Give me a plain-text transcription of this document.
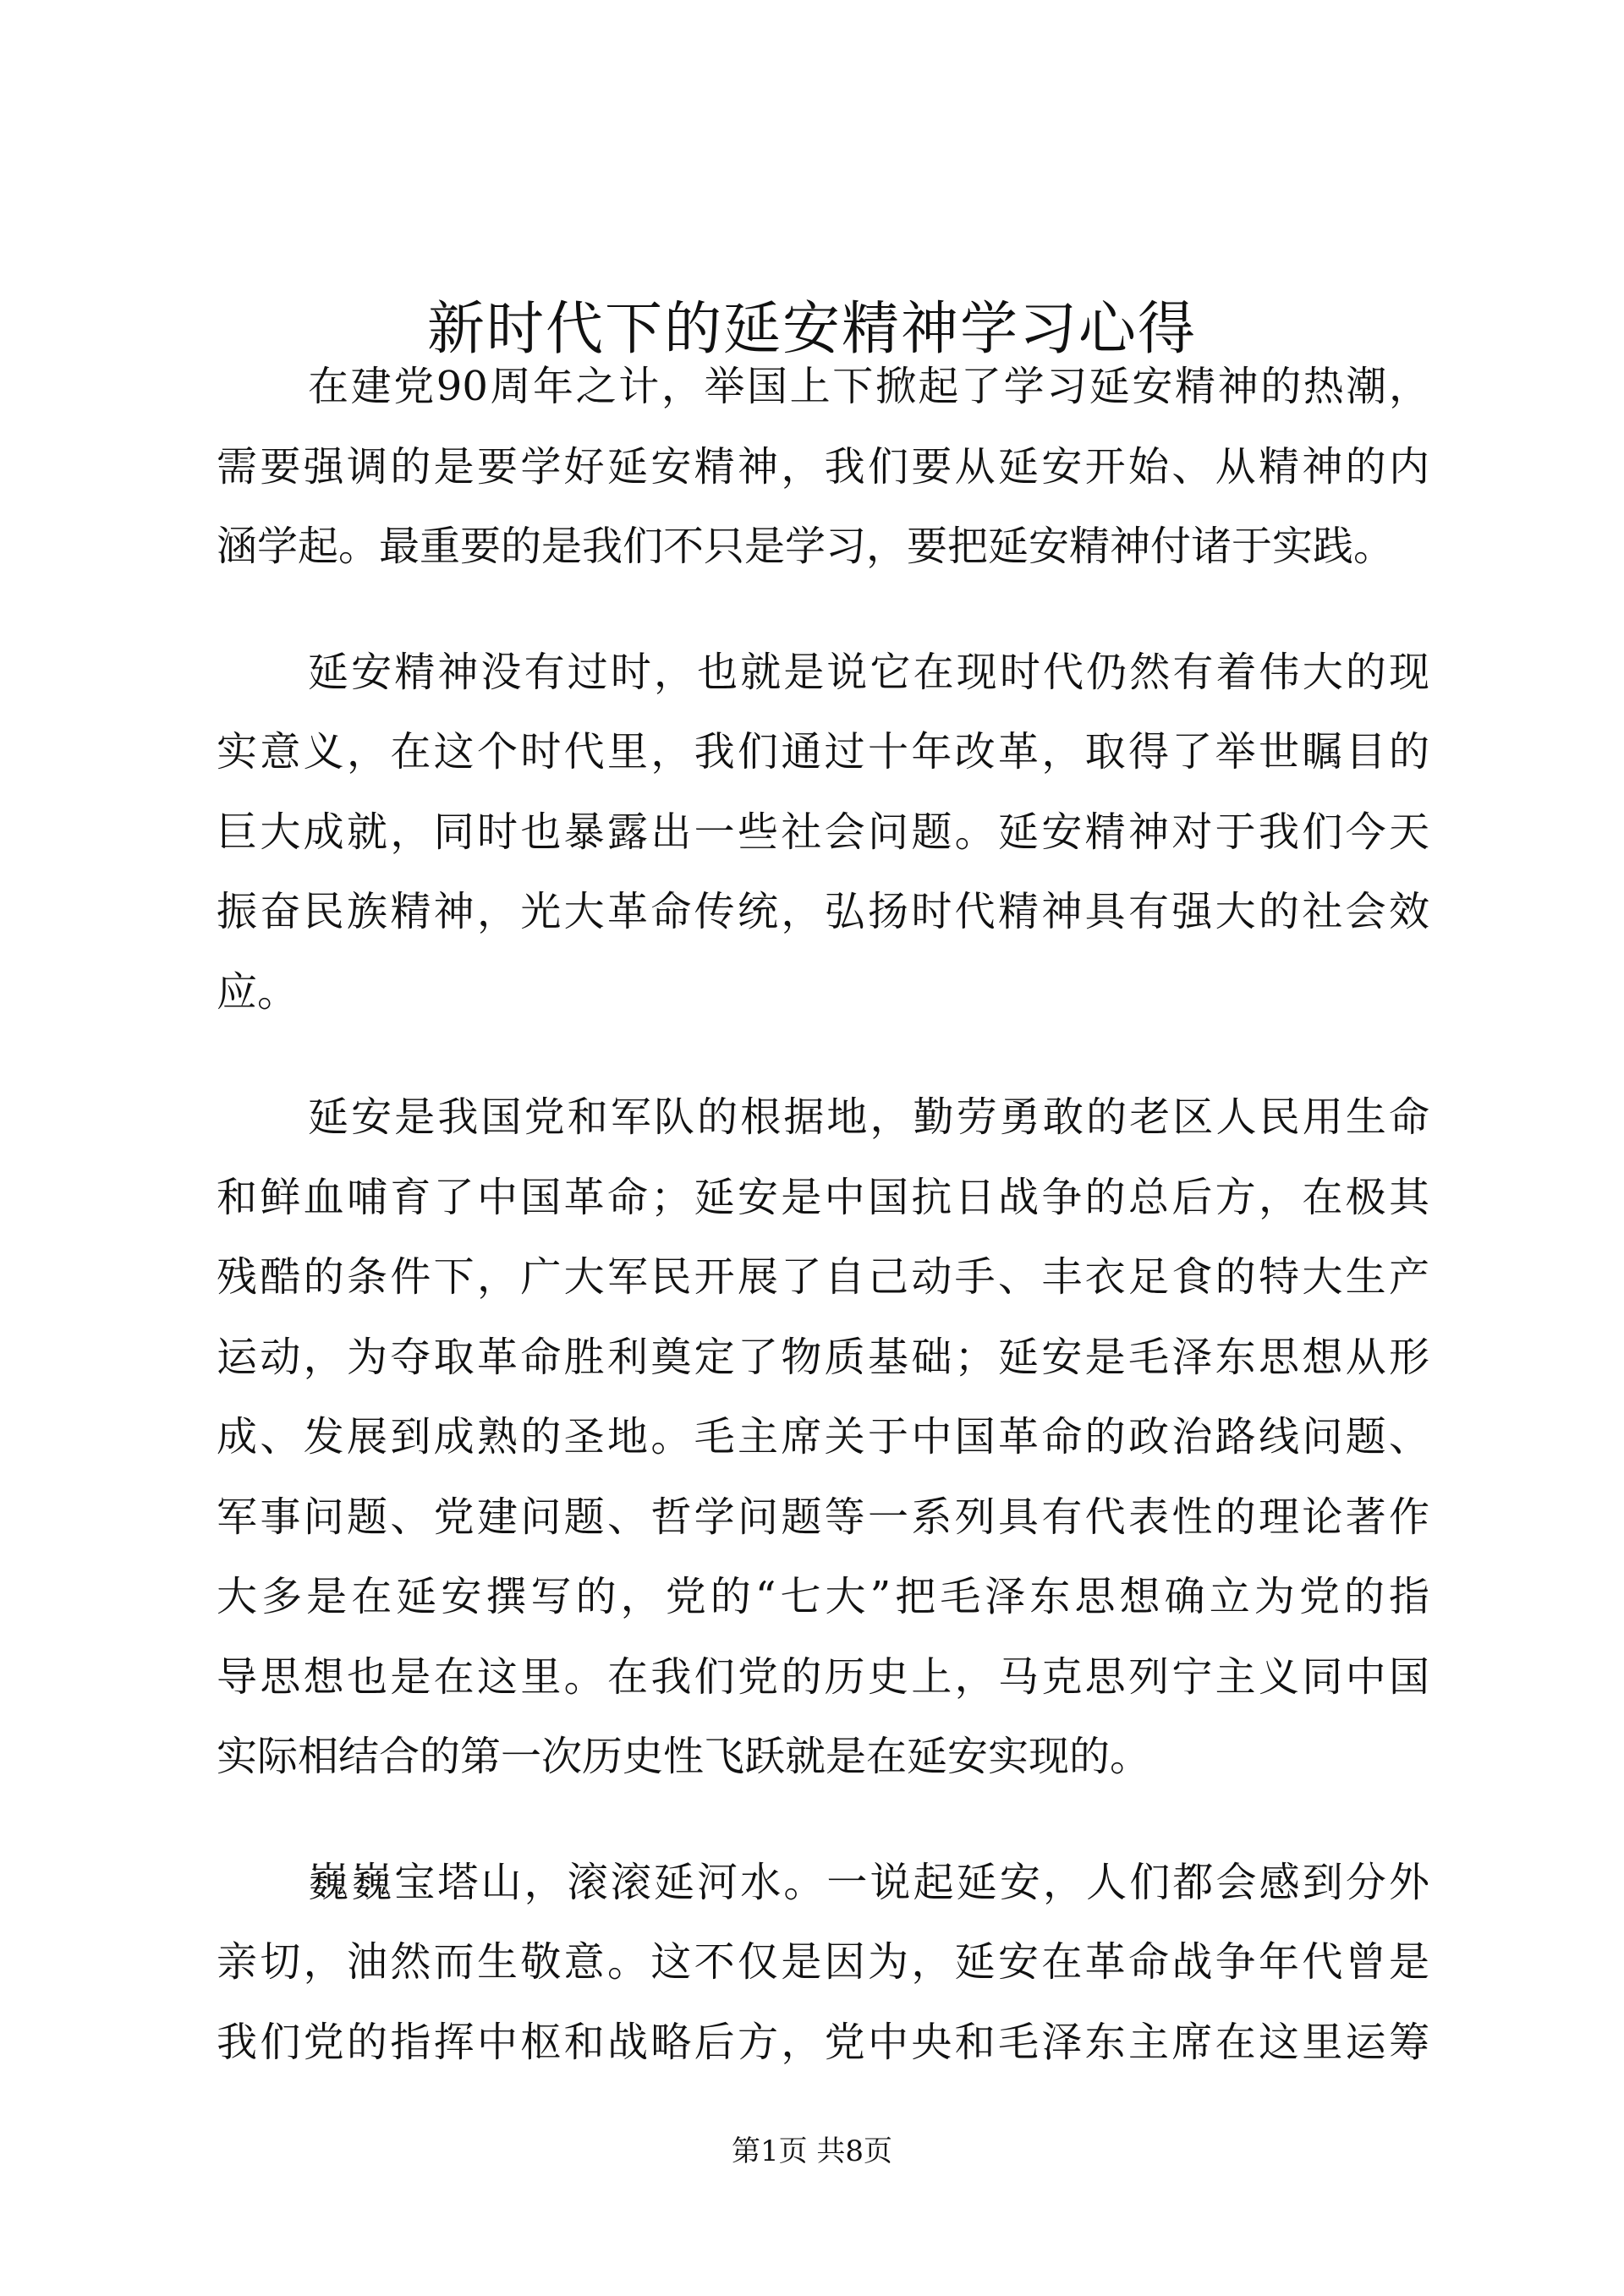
新时代下的延安精神学习心得
在建党90周年之计，举国上下掀起了学习延安精神的热潮，
需要强调的是要学好延安精神，我们要从延安开始、从精神的内
涵学起。最重要的是我们不只是学习，要把延安精神付诸于实践。
延安精神没有过时，也就是说它在现时代仍然有着伟大的现
实意义，在这个时代里，我们通过十年改革，取得了举世瞩目的
巨大成就，同时也暴露出一些社会问题。延安精神对于我们今天
振奋民族精神，光大革命传统，弘扬时代精神具有强大的社会效
应。
延安是我国党和军队的根据地，勤劳勇敢的老区人民用生命
和鲜血哺育了中国革命；延安是中国抗日战争的总后方，在极其
残酷的条件下，广大军民开展了自己动手、丰衣足食的特大生产
运动，为夺取革命胜利奠定了物质基础；延安是毛泽东思想从形
成、发展到成熟的圣地。毛主席关于中国革命的政治路线问题、
军事问题、党建问题、哲学问题等一系列具有代表性的理论著作
大多是在延安撰写的，党的“七大”把毛泽东思想确立为党的指
导思想也是在这里。在我们党的历史上，马克思列宁主义同中国
实际相结合的第一次历史性飞跃就是在延安实现的。
巍巍宝塔山，滚滚延河水。一说起延安，人们都会感到分外
亲切，油然而生敬意。这不仅是因为，延安在革命战争年代曾是
我们党的指挥中枢和战略后方，党中央和毛泽东主席在这里运筹
第1页 共8页
